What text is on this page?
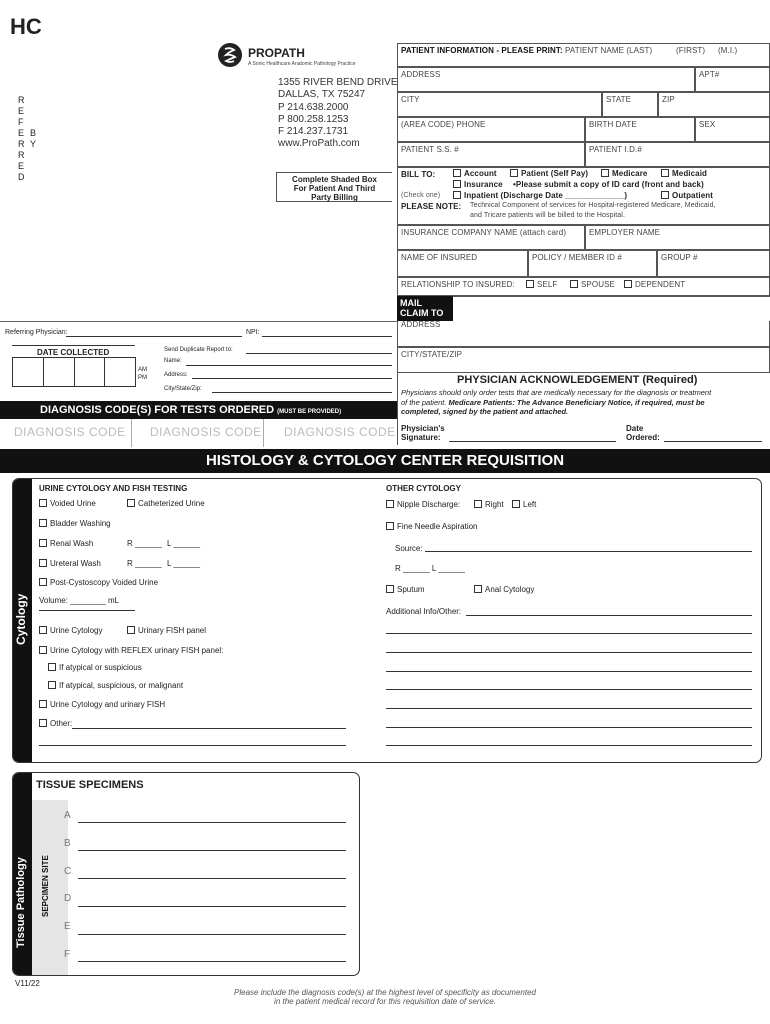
HC
PROPATH
A Sonic Healthcare Anatomic Pathology Practice
1355 RIVER BEND DRIVE
DALLAS, TX 75247
P 214.638.2000
P 800.258.1253
F 214.237.1731
www.ProPath.com
R
E
F
E
R
R
E
D
B
Y
Complete Shaded Box
For Patient And Third
Party Billing
PATIENT INFORMATION - PLEASE PRINT: PATIENT NAME (LAST)	(FIRST) (M.I.)
ADDRESS	APT#
CITY	STATE	ZIP
(AREA CODE) PHONE	BIRTH DATE	SEX
PATIENT S.S. #	PATIENT I.D.#
BILL TO:	Account	Patient (Self Pay)	Medicare	Medicaid
Insurance •Please submit a copy of ID card (front and back)
(Check one)	Inpatient (Discharge Date _____________)	Outpatient
PLEASE NOTE: Technical Component of services for Hospital-registered Medicare, Medicaid,
and Tricare patients will be billed to the Hospital.
INSURANCE COMPANY NAME (attach card)	EMPLOYER NAME
NAME OF INSURED	POLICY / MEMBER ID #	GROUP #
RELATIONSHIP TO INSURED:	SELF	SPOUSE	DEPENDENT
MAIL
CLAIM TO
ADDRESS
CITY/STATE/ZIP
PHYSICIAN ACKNOWLEDGEMENT (Required)
Physicians should only order tests that are medically necessary for the diagnosis or treatment
of the patient. Medicare Patients: The Advance Beneficiary Notice, if required, must be
completed, signed by the patient and attached.
Physician's
Signature:
Date
Ordered:
Referring Physician:	NPI:
DATE COLLECTED
AM
PM
Send Duplicate Report to:
Name:
Address:
City/State/Zip:
DIAGNOSIS CODE(S) FOR TESTS ORDERED (MUST BE PROVIDED)
DIAGNOSIS CODE DIAGNOSIS CODE DIAGNOSIS CODE
HISTOLOGY & CYTOLOGY CENTER REQUISITION
Cytology
URINE CYTOLOGY AND FISH TESTING
Voided Urine	Catheterized Urine
Bladder Washing
Renal Wash	R ______ L ______
Ureteral Wash	R ______ L ______
Post-Cystoscopy Voided Urine
Volume: ________ mL
Urine Cytology	Urinary FISH panel
Urine Cytology with REFLEX urinary FISH panel:
If atypical or suspicious
If atypical, suspicious, or malignant
Urine Cytology and urinary FISH
Other:
OTHER CYTOLOGY
Nipple Discharge:	Right	Left
Fine Needle Aspiration
Source:
R ______ L ______
Sputum	Anal Cytology
Additional Info/Other:
Tissue Pathology SEPCIMEN SITE
TISSUE SPECIMENS
A
B
C
D
E
F
V11/22
Please include the diagnosis code(s) at the highest level of specificity as documented
in the patient medical record for this requisition date of service.
